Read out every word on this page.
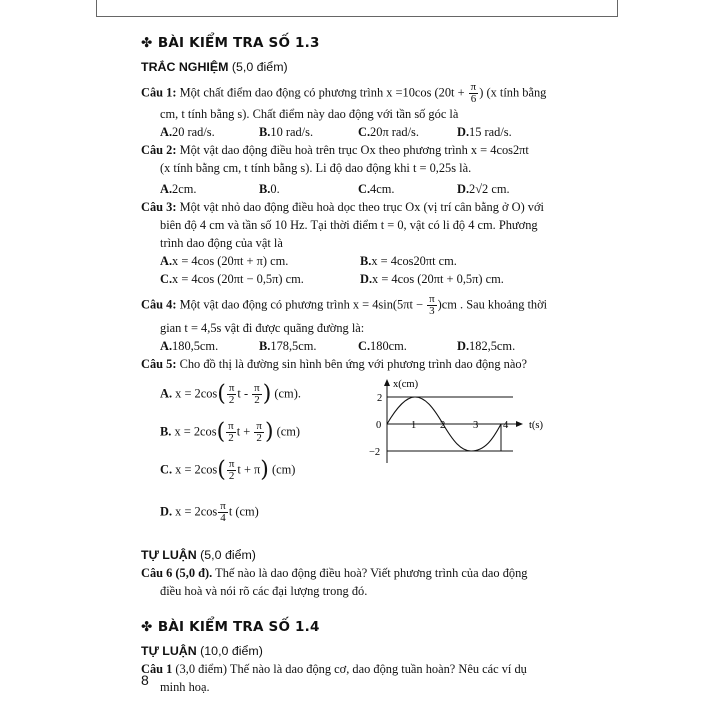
✤ BÀI KIỂM TRA SỐ 1.3
TRẮC NGHIỆM (5,0 điểm)

Câu 1: Một chất điểm dao động có phương trình x =10cos ($20t + \frac{\pi}{6}$ ) (x tính bằng

cm, t tính bằng s). Chất điểm này dao động với tần số góc là

A.20 rad/s.	B.10 rad/s.	C.20π rad/s.	D.15 rad/s.

Câu 2: Một vật dao động điều hoà trên trục Ox theo phương trình x = 4cos2πt

(x tính bằng cm, t tính bằng s). Li độ dao động khi t = 0,25s là.

A.2cm.	B.0.	C.4cm.	D.2√2 cm.

Câu 3: Một vật nhỏ dao động điều hoà dọc theo trục Ox (vị trí cân bằng ở O) với

biên độ 4 cm và tần số 10 Hz. Tại thời điểm t = 0, vật có li độ 4 cm. Phương

trình dao động của vật là

A.x = 4cos (20πt + π) cm.	B.x = 4cos20πt cm.
C.x = 4cos (20πt − 0,5π) cm.	D.x = 4cos (20πt + 0,5π) cm.

Câu 4: Một vật dao động có phương trình $x = 4\sin(5\pi t - \frac{\pi}{3} )cm$ . Sau khoảng thời

gian t = 4,5s vật đi được quãng đường là:

A.180,5cm.	B.178,5cm.	C.180cm.	D.182,5cm.

Câu 5: Cho đồ thị là đường sin hình bên ứng với phương trình dao động nào?

A. $x = 2\cos( \frac{\pi}{2}$ t - $\frac{\pi}{2}$ ) (cm).
B. $x = 2\cos( \frac{\pi}{2}$ $t + \frac{\pi}{2}$ ) (cm)
C. $x = 2\cos( \frac{\pi}{2}$ t + π) (cm)
D. $x = 2\cos \frac{\pi}{4}$ t (cm)
x(cm)
t(s)
2
0
−2
1 2	3 4
TỰ LUẬN (5,0 điểm)

Câu 6 (5,0 đ). Thế nào là dao động điều hoà? Viết phương trình của dao động

điều hoà và nói rõ các đại lượng trong đó.

✤ BÀI KIỂM TRA SỐ 1.4
TỰ LUẬN (10,0 điểm)

Câu 1 (3,0 điểm) Thế nào là dao động cơ, dao động tuần hoàn? Nêu các ví dụ

minh hoạ.

8
